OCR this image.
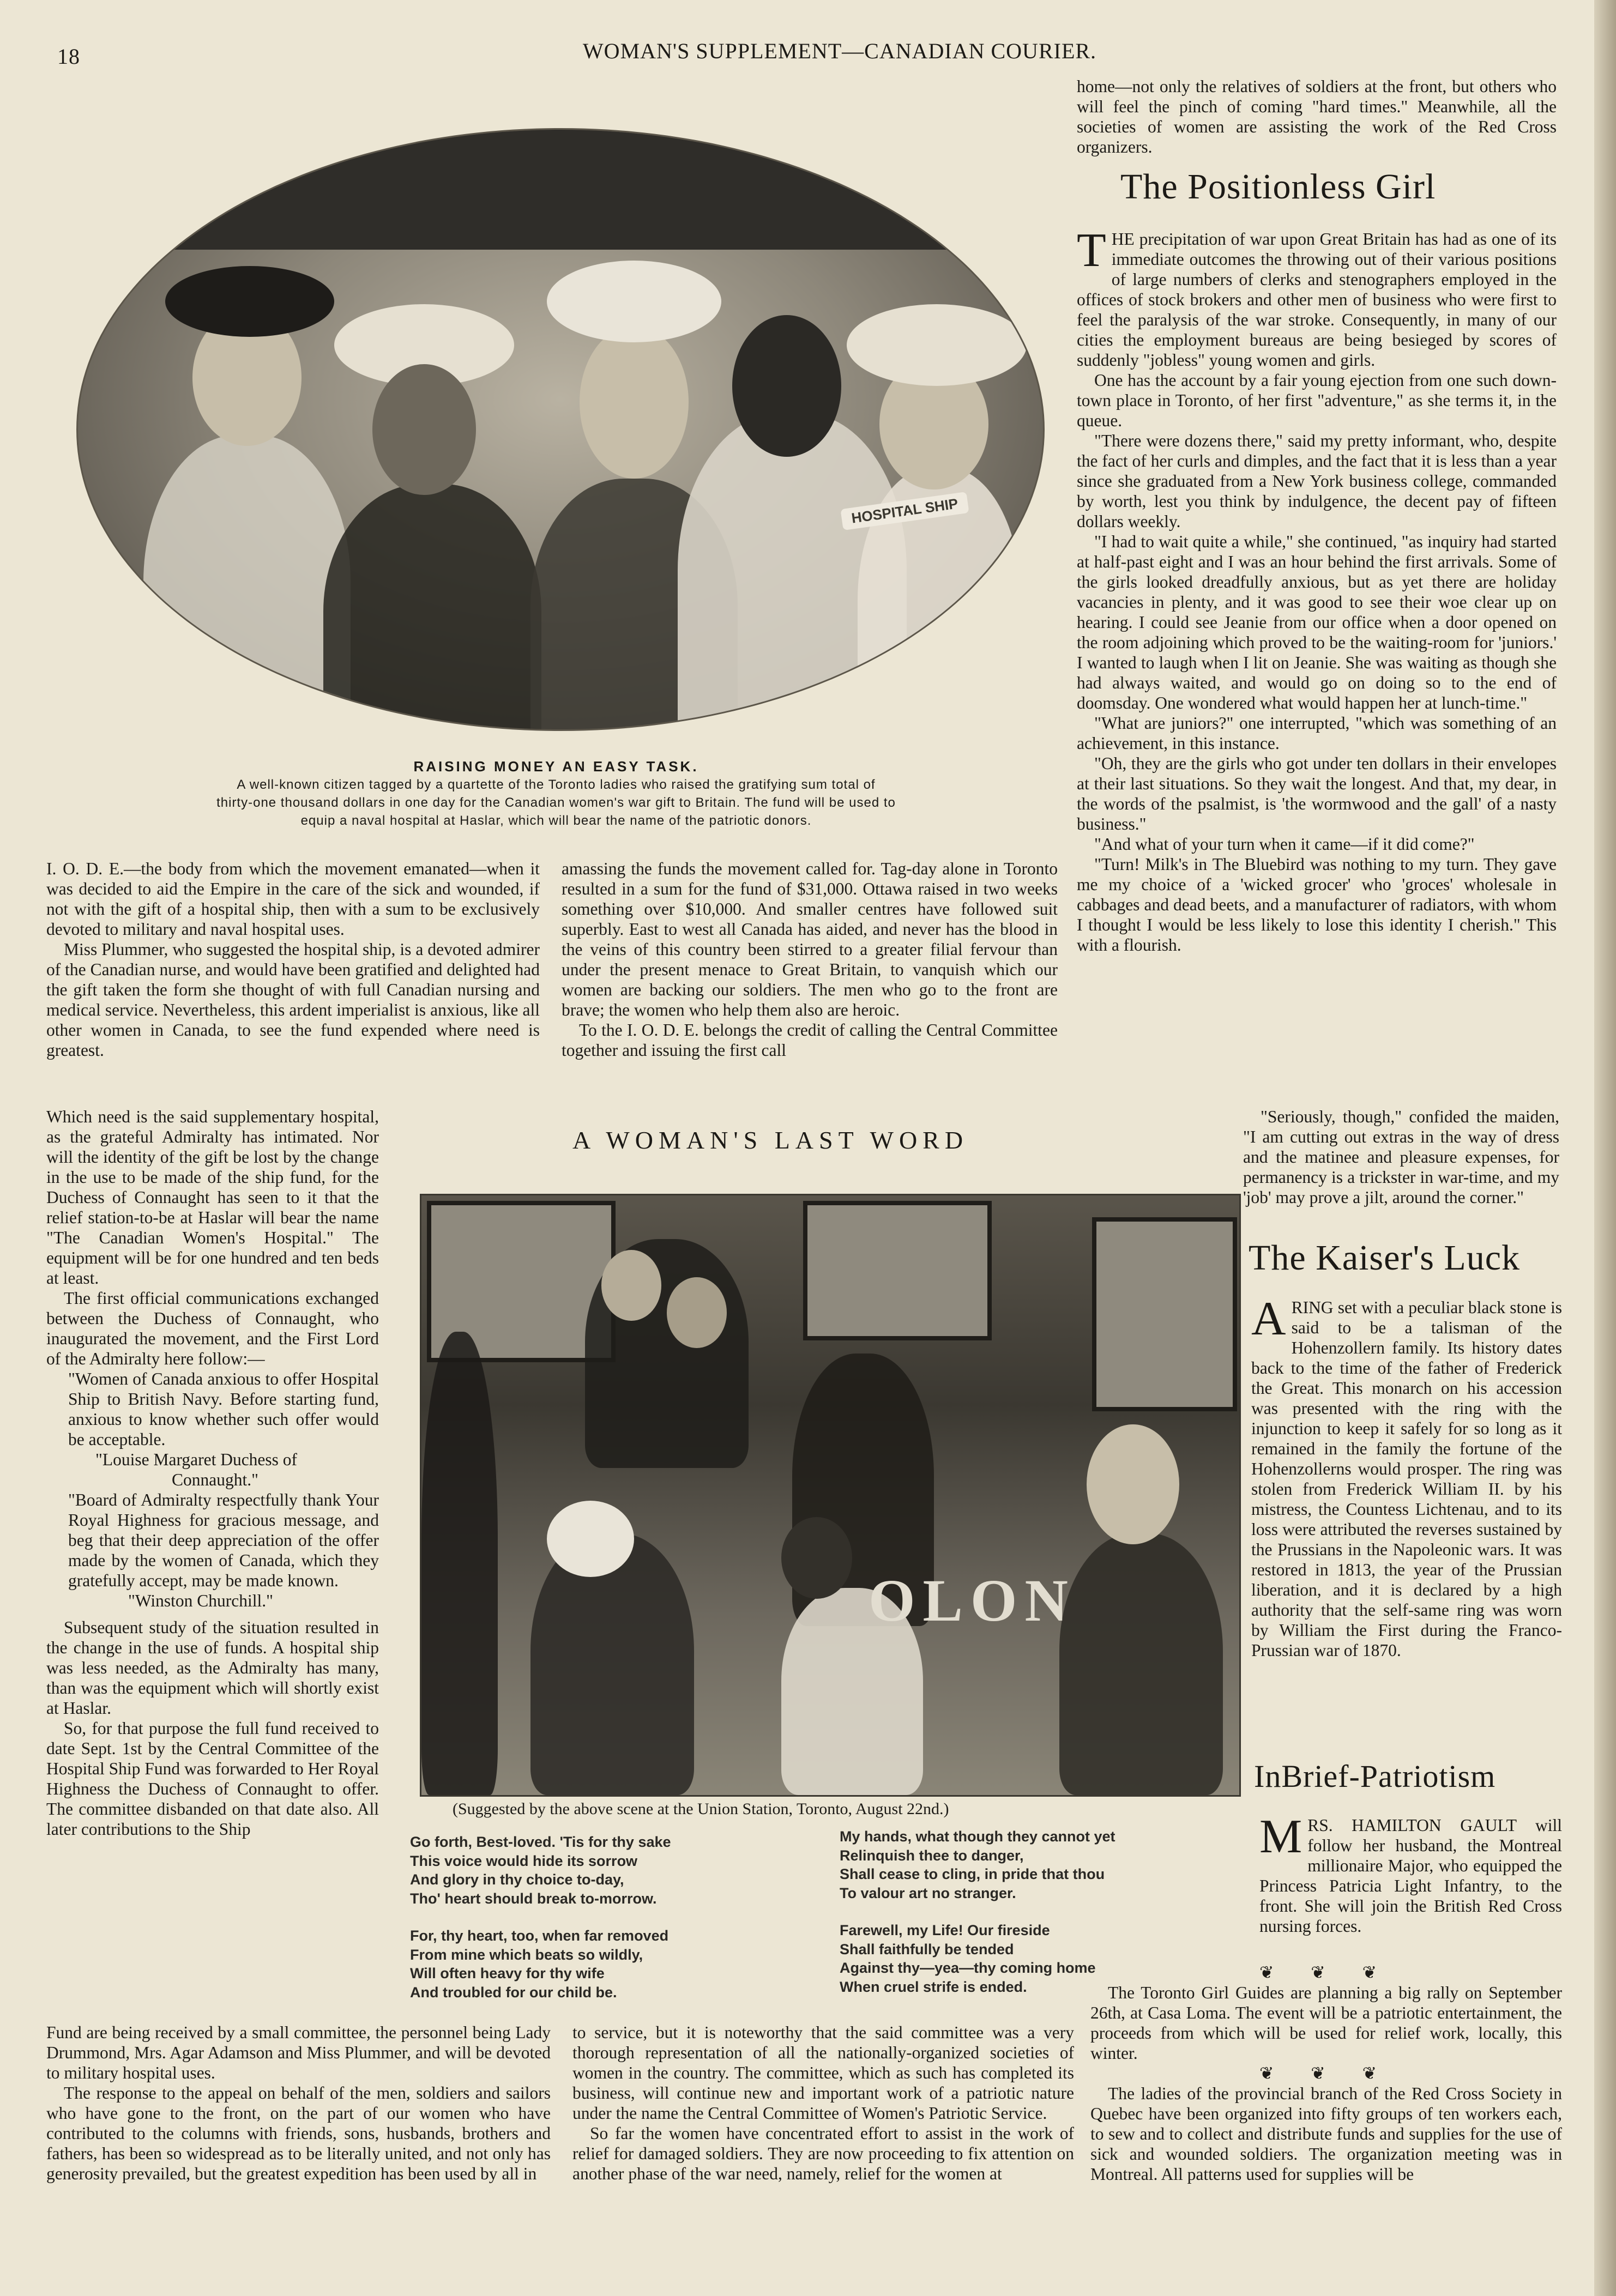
18	WOMAN'S SUPPLEMENT—CANADIAN COURIER.
HOSPITAL SHIP
RAISING MONEY AN EASY TASK.
A well-known citizen tagged by a quartette of the Toronto ladies who raised the gratifying sum total of
thirty-one thousand dollars in one day for the Canadian women's war gift to Britain. The fund will be used to
equip a naval hospital at Haslar, which will bear the name of the patriotic donors.

I. O. D. E.—the body from which the movement emanated—when it was decided to aid the Empire in the care of the sick and wounded, if not with the gift of a hospital ship, then with a sum to be exclusively devoted to military and naval hospital uses.

Miss Plummer, who suggested the hospital ship, is a devoted admirer of the Canadian nurse, and would have been gratified and delighted had the gift taken the form she thought of with full Canadian nursing and medical service. Nevertheless, this ardent imperialist is anxious, like all other women in Canada, to see the fund expended where need is greatest.

amassing the funds the movement called for. Tag-day alone in Toronto resulted in a sum for the fund of $31,000. Ottawa raised in two weeks something over $10,000. And smaller centres have followed suit superbly. East to west all Canada has aided, and never has the blood in the veins of this country been stirred to a greater filial fervour than under the present menace to Great Britain, to vanquish which our women are backing our soldiers. The men who go to the front are brave; the women who help them also are heroic.

To the I. O. D. E. belongs the credit of calling the Central Committee together and issuing the first call

Which need is the said supplementary hospital, as the grateful Admiralty has intimated. Nor will the identity of the gift be lost by the change in the use to be made of the ship fund, for the Duchess of Connaught has seen to it that the relief station-to-be at Haslar will bear the name "The Canadian Women's Hospital." The equipment will be for one hundred and ten beds at least.

The first official communications exchanged between the Duchess of Connaught, who inaugurated the movement, and the First Lord of the Admiralty here follow:—

"Women of Canada anxious to offer Hospital Ship to British Navy. Before starting fund, anxious to know whether such offer would be acceptable.

"Louise Margaret Duchess of

Connaught."

"Board of Admiralty respectfully thank Your Royal Highness for gracious message, and beg that their deep appreciation of the offer made by the women of Canada, which they gratefully accept, may be made known.

"Winston Churchill."

Subsequent study of the situation resulted in the change in the use of funds. A hospital ship was less needed, as the Admiralty has many, than was the equipment which will shortly exist at Haslar.

So, for that purpose the full fund received to date Sept. 1st by the Central Committee of the Hospital Ship Fund was forwarded to Her Royal Highness the Duchess of Connaught to offer. The committee disbanded on that date also. All later contributions to the Ship

A WOMAN'S LAST WORD
OLON

(Suggested by the above scene at the Union Station, Toronto, August 22nd.)

Go forth, Best-loved. 'Tis for thy sake

This voice would hide its sorrow

And glory in thy choice to-day,

Tho' heart should break to-morrow.

For, thy heart, too, when far removed

From mine which beats so wildly,

Will often heavy for thy wife

And troubled for our child be.

My hands, what though they cannot yet

Relinquish thee to danger,

Shall cease to cling, in pride that thou

To valour art no stranger.

Farewell, my Life! Our fireside

Shall faithfully be tended

Against thy—yea—thy coming home

When cruel strife is ended.

Fund are being received by a small committee, the personnel being Lady Drummond, Mrs. Agar Adamson and Miss Plummer, and will be devoted to military hospital uses.

The response to the appeal on behalf of the men, soldiers and sailors who have gone to the front, on the part of our women who have contributed to the columns with friends, sons, husbands, brothers and fathers, has been so widespread as to be literally united, and not only has generosity prevailed, but the greatest expedition has been used by all in

to service, but it is noteworthy that the said committee was a very thorough representation of all the nationally-organized societies of women in the country. The committee, which as such has completed its business, will continue new and important work of a patriotic nature under the name the Central Committee of Women's Patriotic Service.

So far the women have concentrated effort to assist in the work of relief for damaged soldiers. They are now proceeding to fix attention on another phase of the war need, namely, relief for the women at

home—not only the relatives of soldiers at the front, but others who will feel the pinch of coming "hard times." Meanwhile, all the societies of women are assisting the work of the Red Cross organizers.

The Positionless Girl

THE precipitation of war upon Great Britain has had as one of its immediate outcomes the throwing out of their various positions of large numbers of clerks and stenographers employed in the offices of stock brokers and other men of business who were first to feel the paralysis of the war stroke. Consequently, in many of our cities the employment bureaus are being besieged by scores of suddenly "jobless" young women and girls.

One has the account by a fair young ejection from one such down-town place in Toronto, of her first "adventure," as she terms it, in the queue.

"There were dozens there," said my pretty informant, who, despite the fact of her curls and dimples, and the fact that it is less than a year since she graduated from a New York business college, commanded by worth, lest you think by indulgence, the decent pay of fifteen dollars weekly.

"I had to wait quite a while," she continued, "as inquiry had started at half-past eight and I was an hour behind the first arrivals. Some of the girls looked dreadfully anxious, but as yet there are holiday vacancies in plenty, and it was good to see their woe clear up on hearing. I could see Jeanie from our office when a door opened on the room adjoining which proved to be the waiting-room for 'juniors.' I wanted to laugh when I lit on Jeanie. She was waiting as though she had always waited, and would go on doing so to the end of doomsday. One wondered what would happen her at lunch-time."

"What are juniors?" one interrupted, "which was something of an achievement, in this instance.

"Oh, they are the girls who got under ten dollars in their envelopes at their last situations. So they wait the longest. And that, my dear, in the words of the psalmist, is 'the wormwood and the gall' of a nasty business."

"And what of your turn when it came—if it did come?"

"Turn! Milk's in The Bluebird was nothing to my turn. They gave me my choice of a 'wicked grocer' who 'groces' wholesale in cabbages and dead beets, and a manufacturer of radiators, with whom I thought I would be less likely to lose this identity I cherish." This with a flourish.

"Seriously, though," confided the maiden, "I am cutting out extras in the way of dress and the matinee and pleasure expenses, for permanency is a trickster in war-time, and my 'job' may prove a jilt, around the corner."

The Kaiser's Luck

ARING set with a peculiar black stone is said to be a talisman of the Hohenzollern family. Its history dates back to the time of the father of Frederick the Great. This monarch on his accession was presented with the ring with the injunction to keep it safely for so long as it remained in the family the fortune of the Hohenzollerns would prosper. The ring was stolen from Frederick William II. by his mistress, the Countess Lichtenau, and to its loss were attributed the reverses sustained by the Prussians in the Napoleonic wars. It was restored in 1813, the year of the Prussian liberation, and it is declared by a high authority that the self-same ring was worn by William the First during the Franco-Prussian war of 1870.

InBrief-Patriotism

MRS. HAMILTON GAULT will follow her husband, the Montreal millionaire Major, who equipped the Princess Patricia Light Infantry, to the front. She will join the British Red Cross nursing forces.

❦ ❦ ❦

The Toronto Girl Guides are planning a big rally on September 26th, at Casa Loma. The event will be a patriotic entertainment, the proceeds from which will be used for relief work, locally, this winter.

❦ ❦ ❦

The ladies of the provincial branch of the Red Cross Society in Quebec have been organized into fifty groups of ten workers each, to sew and to collect and distribute funds and supplies for the use of sick and wounded soldiers. The organization meeting was in Montreal. All patterns used for supplies will be
